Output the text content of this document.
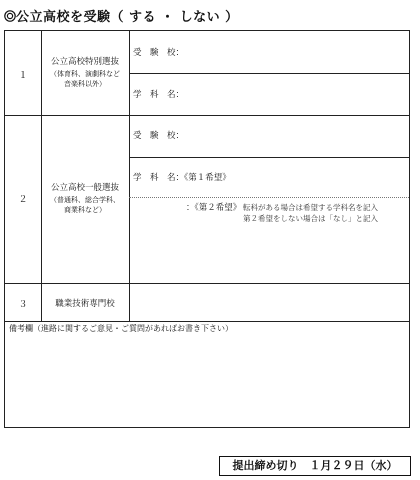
公立高校を受験（ する ・ しない ）
１
公立高校特別選抜
（体育科、演劇科など
音楽科以外）
受　験　校：
学　科　名：
２
公立高校一般選抜
（普通科、総合学科、
商業科など）
受　験　校：
学　科　名：《第１希望》
：《第２希望》 転科がある場合は希望する学科名を記入
第２希望をしない場合は「なし」と記入
３	職業技術専門校
備考欄（進路に関するご意見・ご質問があればお書き下さい）
提出締め切り　１月２９日（水）
